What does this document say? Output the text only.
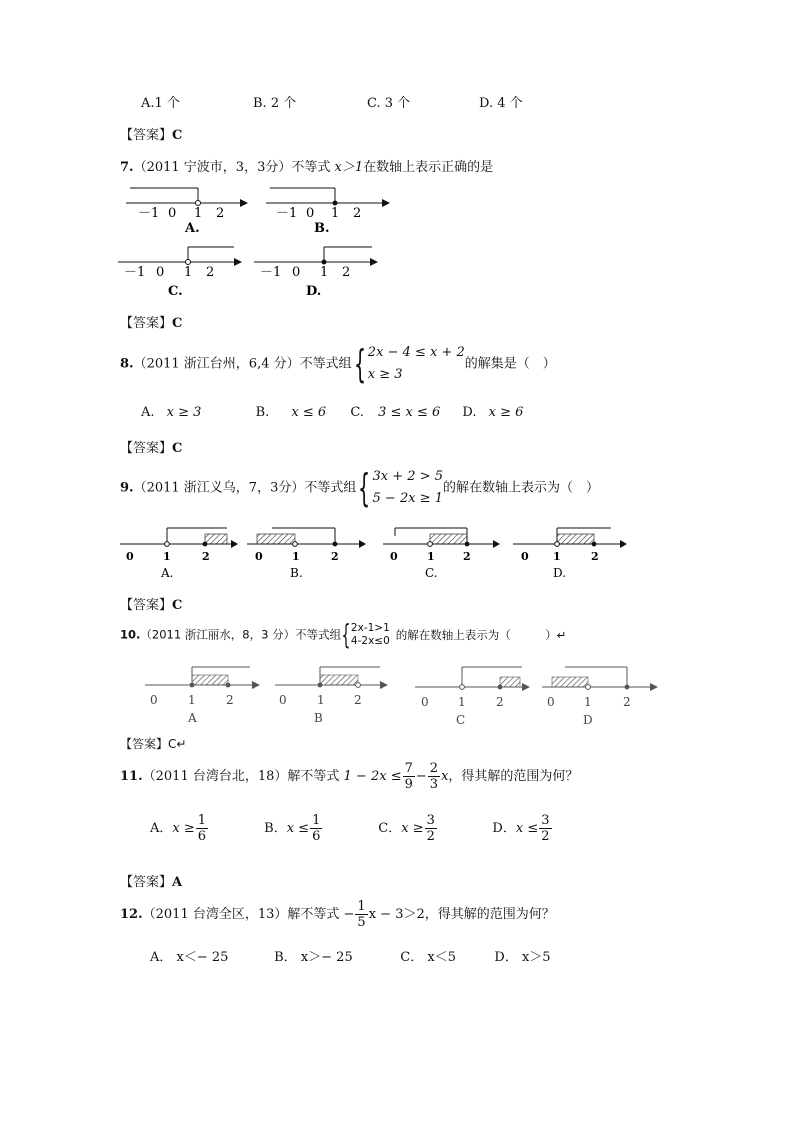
A.1 个	B. 2 个	C. 3 个	D. 4 个
【答案】C
7.（2011 宁波市，3，3分）不等式 x＞1在数轴上表示正确的是
－1 0 1 2
A.
－1 0 1 2
B.
－1 0 1 2
C.
－1 0 1 2
D.
【答案】C
8.（2011 浙江台州，6,4 分）不等式组{ 2x − 4 ≤ x + 2
x ≥ 3
的解集是（　）
A. x ≥ 3	B. x ≤ 6 C. 3 ≤ x ≤ 6 D. x ≥ 6
【答案】C
9.（2011 浙江义乌，7，3分）不等式组{ 3x + 2 > 5
5 − 2x ≥ 1
的解在数轴上表示为（　）
0	1	2
A.
0	1	2
B.
0	1	2
C.
0 1	2
D.
【答案】C
10.（2011 浙江丽水，8，3 分）不等式组{ 2x-1>1
4-2x≤0 的解在数轴上表示为（　　　）↵
0	1	2
A
0	1 2
B
0 1	2
C
0 1	2
D
【答案】C↵
11.（2011 台湾台北，18）解不等式 $1 - 2x \le \frac{7}{9} - \frac{2}{3}$ x，得其解的范围为何？
A．$x \ge \frac{1}{6}$	B．$x \le \frac{1}{6}$	C．$x \ge \frac{3}{2}$	D．$x \le \frac{3}{2}$
【答案】A
12.（2011 台湾全区，13）解不等式 − $\frac{1}{5}$ x − 3＞2，得其解的范围为何？
A． x＜− 25	B． x＞− 25	C． x＜5	D． x＞5
